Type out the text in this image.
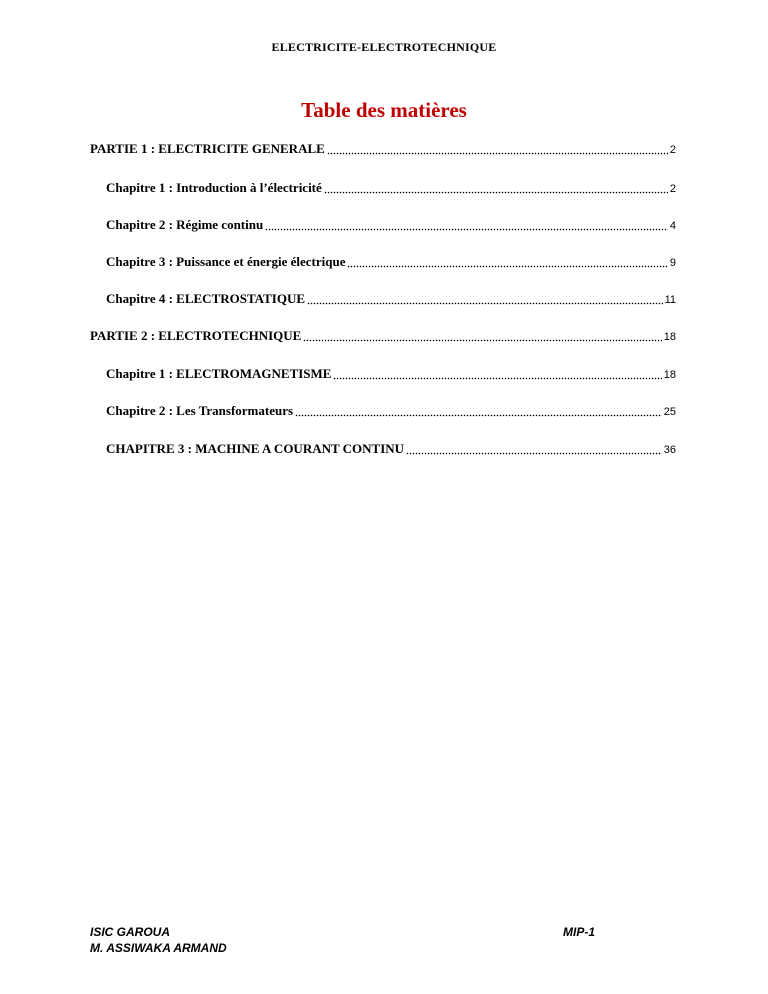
ELECTRICITE-ELECTROTECHNIQUE
Table des matières
PARTIE 1 : ELECTRICITE GENERALE	2
Chapitre 1 : Introduction à l’électricité	2
Chapitre 2 : Régime continu	4
Chapitre 3 : Puissance et énergie électrique	9
Chapitre 4 : ELECTROSTATIQUE	11
PARTIE 2 : ELECTROTECHNIQUE	18
Chapitre 1 : ELECTROMAGNETISME	18
Chapitre 2 : Les Transformateurs	25
CHAPITRE 3 : MACHINE A COURANT CONTINU	36
ISIC GAROUA
M. ASSIWAKA ARMAND
MIP-1
